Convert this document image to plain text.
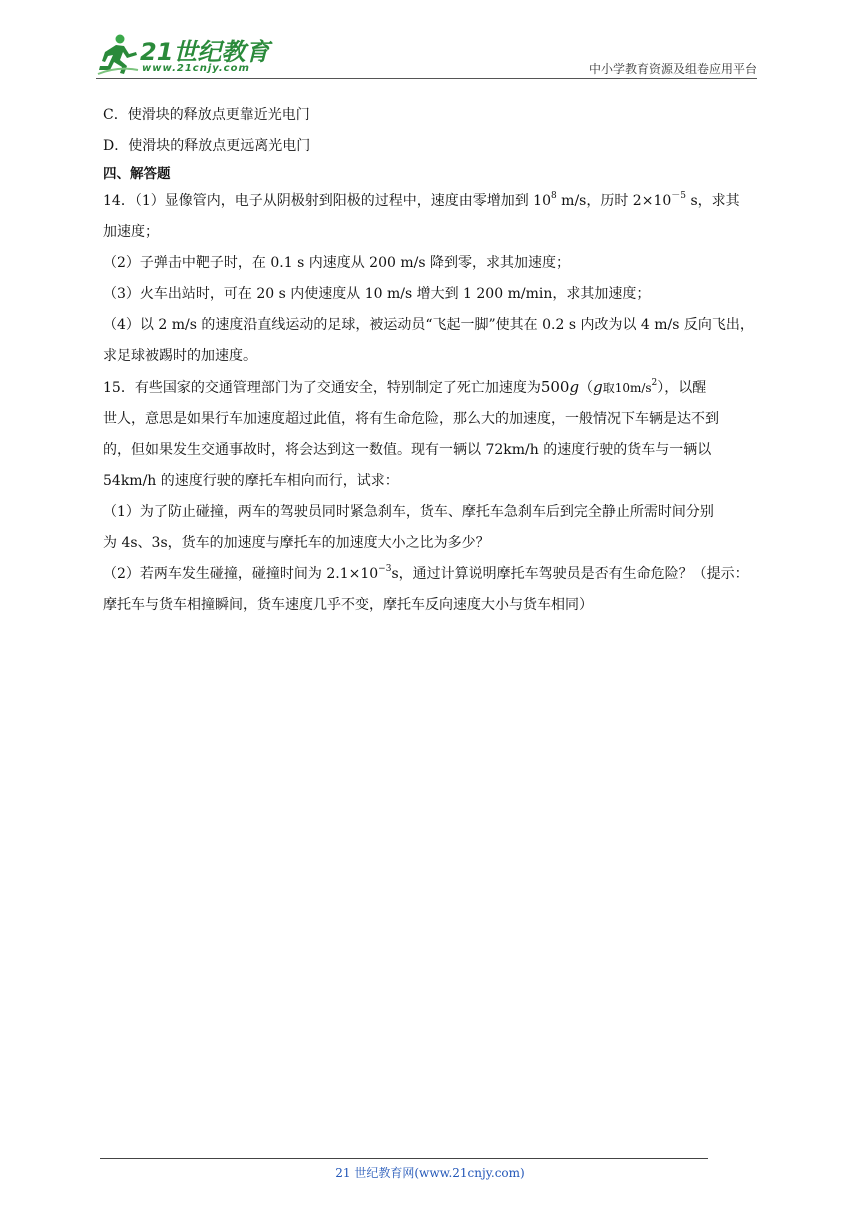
21世纪教育
www.21cnjy.com	中小学教育资源及组卷应用平台
C．使滑块的释放点更靠近光电门
D．使滑块的释放点更远离光电门
四、解答题
14．（1）显像管内，电子从阴极射到阳极的过程中，速度由零增加到 $10^8$ m/s，历时 $2\times 10^{-5}$ s，求其
加速度；
（2）子弹击中靶子时，在 0.1 s 内速度从 200 m/s 降到零，求其加速度；
（3）火车出站时，可在 20 s 内使速度从 10 m/s 增大到 1 200 m/min，求其加速度；
（4）以 2 m/s 的速度沿直线运动的足球，被运动员“飞起一脚”使其在 0.2 s 内改为以 4 m/s 反向飞出，
求足球被踢时的加速度。
15．有些国家的交通管理部门为了交通安全，特别制定了死亡加速度为500g（g取$10m/s^2$），以醒
世人，意思是如果行车加速度超过此值，将有生命危险，那么大的加速度，一般情况下车辆是达不到
的，但如果发生交通事故时，将会达到这一数值。现有一辆以 72km/h 的速度行驶的货车与一辆以
54km/h 的速度行驶的摩托车相向而行，试求：
（1）为了防止碰撞，两车的驾驶员同时紧急刹车，货车、摩托车急刹车后到完全静止所需时间分别
为 4s、3s，货车的加速度与摩托车的加速度大小之比为多少？
（2）若两车发生碰撞，碰撞时间为 $2.1\times 10^{-3}s$，通过计算说明摩托车驾驶员是否有生命危险？（提示：
摩托车与货车相撞瞬间，货车速度几乎不变，摩托车反向速度大小与货车相同）
21 世纪教育网(www.21cnjy.com)
